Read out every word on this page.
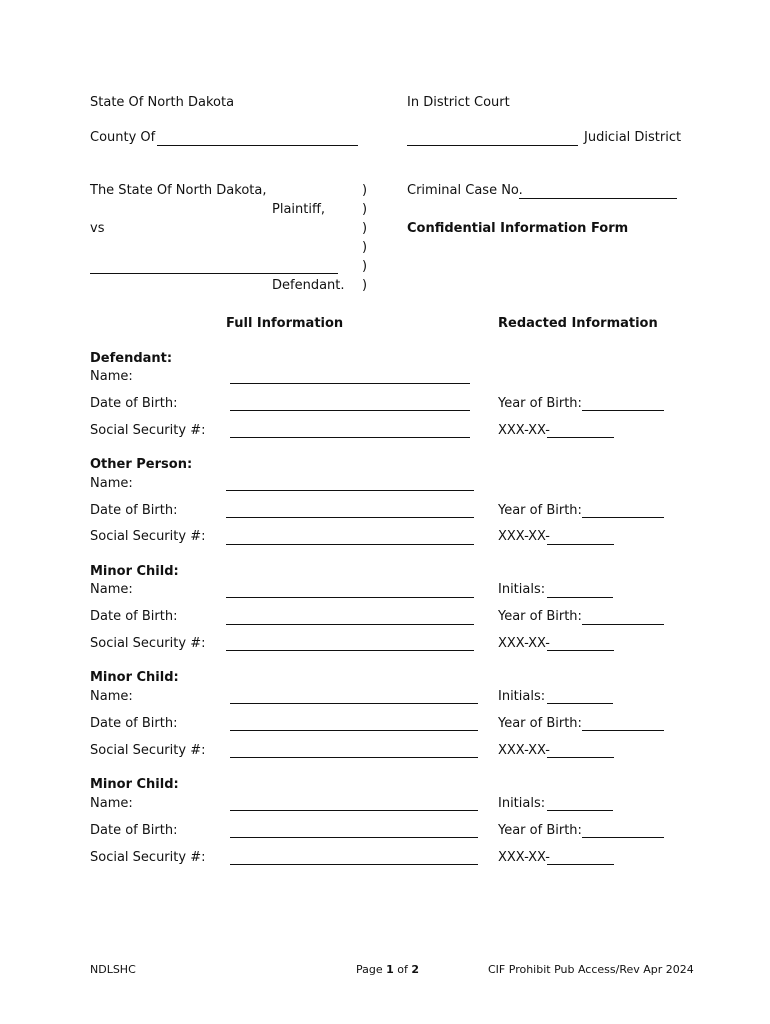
State Of North Dakota	In District Court
County Of	Judicial District
The State Of North Dakota,
Plaintiff,
vs
Defendant.
)
)
)
)
)
)
Criminal Case No.
Confidential Information Form
Full Information	Redacted Information
Defendant:
Name:
Date of Birth:	Year of Birth:
Social Security #:	XXX-XX-
Other Person:
Name:
Date of Birth:	Year of Birth:
Social Security #:	XXX-XX-
Minor Child:
Name:	Initials:
Date of Birth:	Year of Birth:
Social Security #:	XXX-XX-
Minor Child:
Name:	Initials:
Date of Birth:	Year of Birth:
Social Security #:	XXX-XX-
Minor Child:
Name:	Initials:
Date of Birth:	Year of Birth:
Social Security #:	XXX-XX-
NDLSHC	Page 1 of 2	CIF Prohibit Pub Access/Rev Apr 2024
